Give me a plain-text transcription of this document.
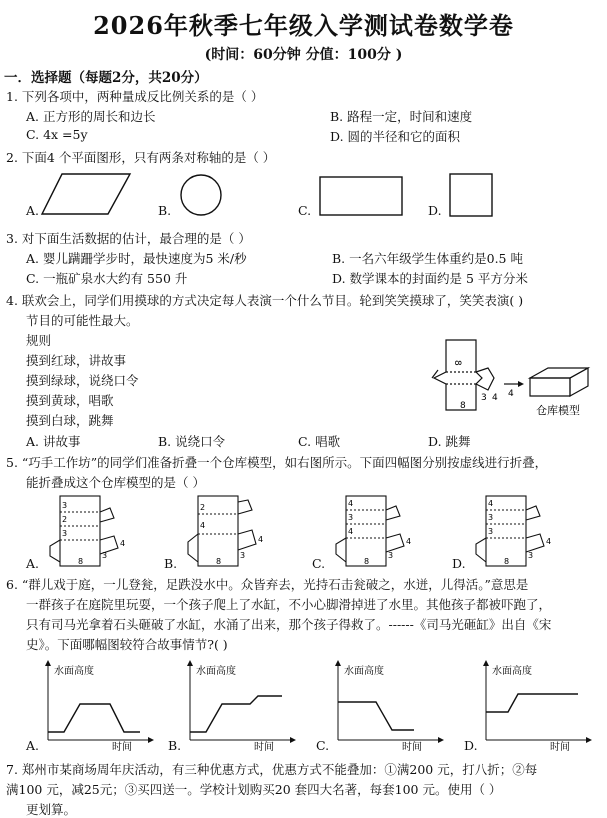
2026年秋季七年级入学测试卷数学卷
(时间：60分钟 分值：100分 )
一．选择题（每题2分，共20分）
1. 下列各项中，两种量成反比例关系的是（ ）
A. 正方形的周长和边长	B. 路程一定，时间和速度
C. 4x =5y	D. 圆的半径和它的面积
2. 下面4 个平面图形，只有两条对称轴的是（ ）
A.	B.	C.	D.
3. 对下面生活数据的估计，最合理的是（ ）
A. 婴儿蹒跚学步时，最快速度为5 米/秒	B. 一名六年级学生体重约是0.5 吨
C. 一瓶矿泉水大约有 550 升	D. 数学课本的封面约是 5 平方分米
4. 联欢会上，同学们用摸球的方式决定每人表演一个什么节目。轮到笑笑摸球了，笑笑表演( )
节目的可能性最大。
规则
摸到红球，讲故事
摸到绿球，说绕口令
摸到黄球，唱歌
摸到白球，跳舞
A. 讲故事	B. 说绕口令	C. 唱歌	D. 跳舞
8
8
3 4 4
仓库模型
5. “巧手工作坊”的同学们准备折叠一个仓库模型，如右图所示。下面四幅图分别按虚线进行折叠，
能折叠成这个仓库模型的是（ ）
A.
3
2
3
3
4
8	B.
2
4
3
4
8	C.
4
3
4
3
4
8	D.
4
3
3
3
4
8
6. “群儿戏于庭，一儿登瓮，足跌没水中。众皆弃去，光持石击瓮破之，水迸，儿得活。”意思是
一群孩子在庭院里玩耍，一个孩子爬上了水缸，不小心脚滑掉进了水里。其他孩子都被吓跑了，
只有司马光拿着石头砸破了水缸，水涌了出来，那个孩子得救了。------《司马光砸缸》出自《宋
史》。下面哪幅图较符合故事情节?( )
A.
水面高度
时间	B.
水面高度
时间	C.
水面高度
时间	D.
水面高度
时间
7. 郑州市某商场周年庆活动，有三种优惠方式，优惠方式不能叠加：①满200 元，打八折；②每
满100 元，减25元；③买四送一。学校计划购买20 套四大名著，每套100 元。使用（ ）
更划算。
